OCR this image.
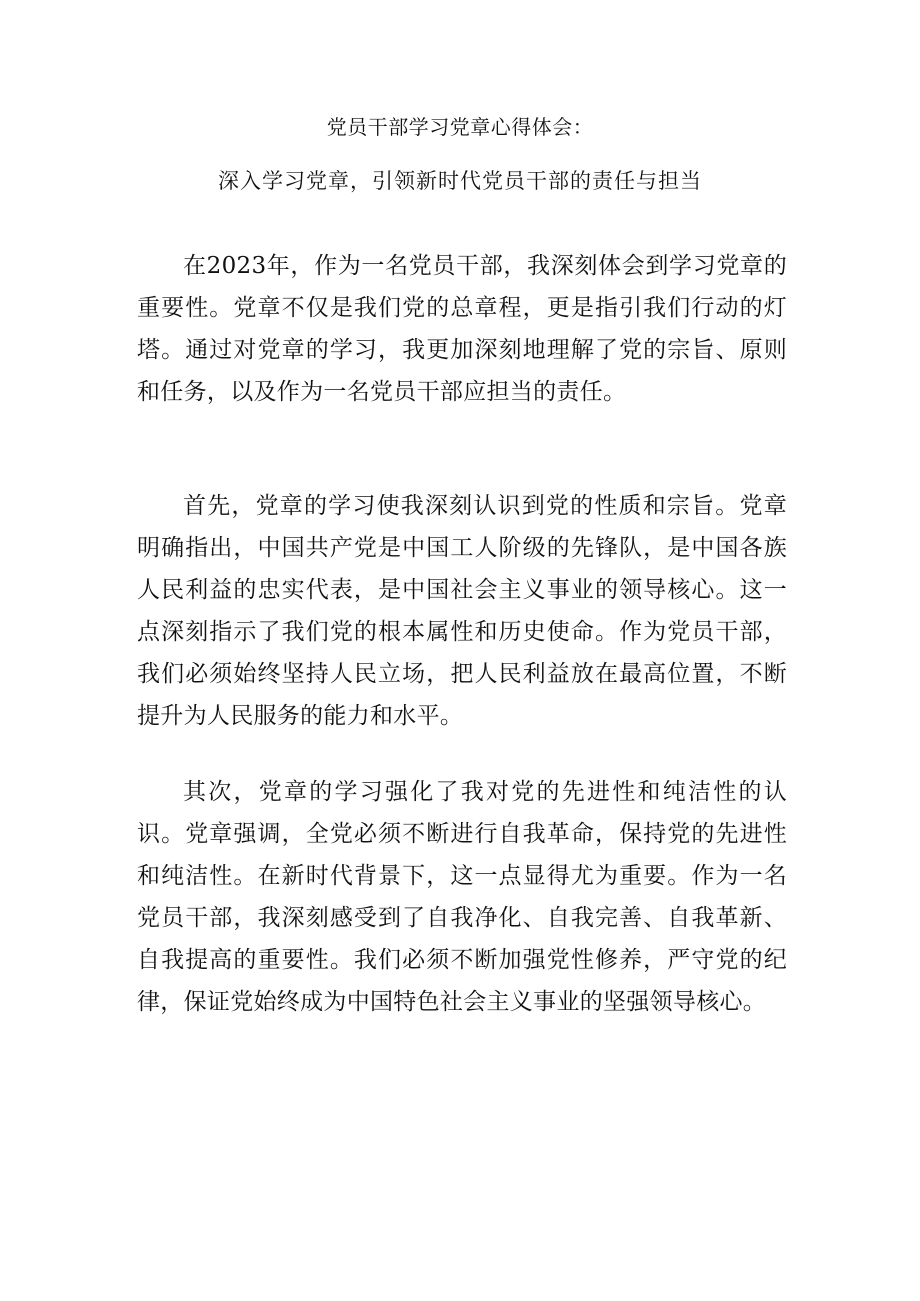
党员干部学习党章心得体会：
深入学习党章，引领新时代党员干部的责任与担当

在2023年，作为一名党员干部，我深刻体会到学习党章的重要性。党章不仅是我们党的总章程，更是指引我们行动的灯塔。通过对党章的学习，我更加深刻地理解了党的宗旨、原则和任务，以及作为一名党员干部应担当的责任。

首先，党章的学习使我深刻认识到党的性质和宗旨。党章明确指出，中国共产党是中国工人阶级的先锋队，是中国各族人民利益的忠实代表，是中国社会主义事业的领导核心。这一点深刻指示了我们党的根本属性和历史使命。作为党员干部，我们必须始终坚持人民立场，把人民利益放在最高位置，不断提升为人民服务的能力和水平。

其次，党章的学习强化了我对党的先进性和纯洁性的认识。党章强调，全党必须不断进行自我革命，保持党的先进性和纯洁性。在新时代背景下，这一点显得尤为重要。作为一名党员干部，我深刻感受到了自我净化、自我完善、自我革新、自我提高的重要性。我们必须不断加强党性修养，严守党的纪律，保证党始终成为中国特色社会主义事业的坚强领导核心。
